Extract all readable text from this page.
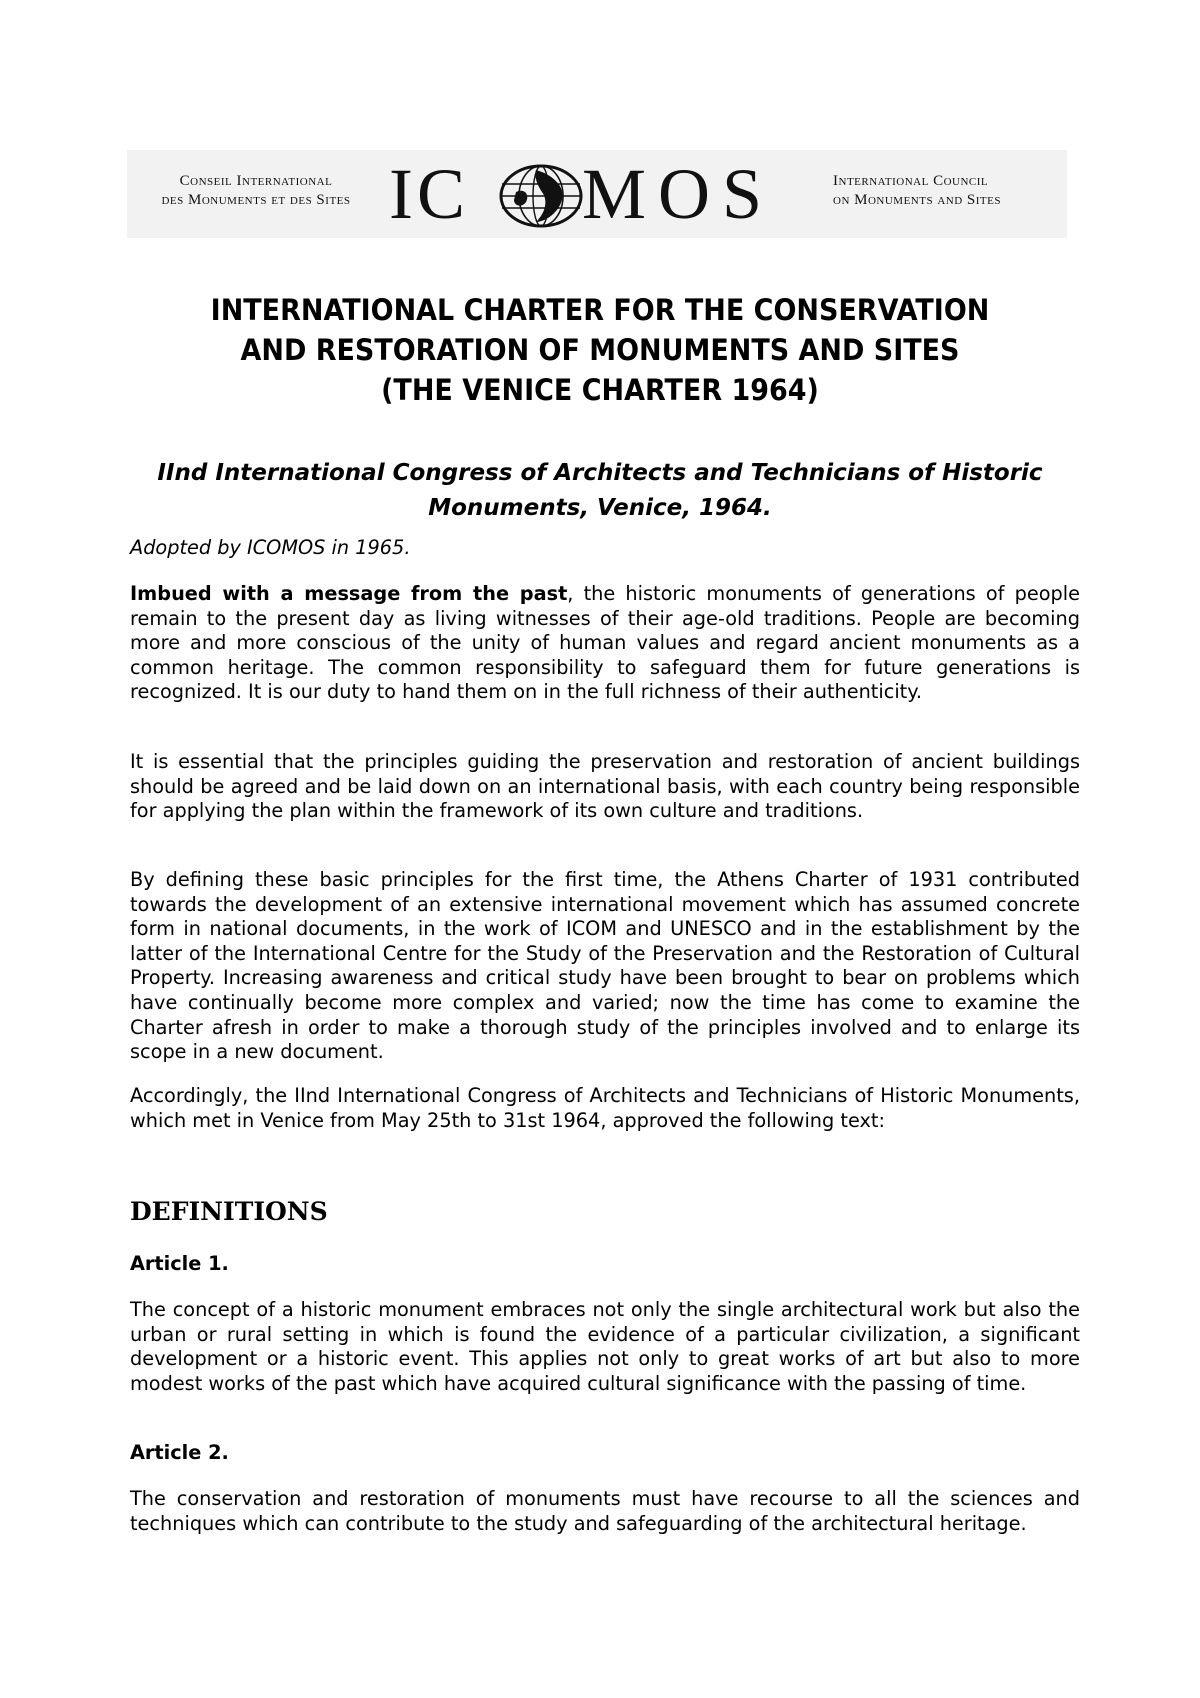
Conseil International
des Monuments et des Sites IC MOS	International Council
on Monuments and Sites
INTERNATIONAL CHARTER FOR THE CONSERVATION
AND RESTORATION OF MONUMENTS AND SITES
(THE VENICE CHARTER 1964)
IInd International Congress of Architects and Technicians of Historic
Monuments, Venice, 1964.
Adopted by ICOMOS in 1965.
Imbued with a message from the past, the historic monuments of generations of people remain to the present day as living witnesses of their age-old traditions. People are becoming more and more conscious of the unity of human values and regard ancient monuments as a common heritage. The common responsibility to safeguard them for future generations is recognized. It is our duty to hand them on in the full richness of their authenticity.
It is essential that the principles guiding the preservation and restoration of ancient buildings should be agreed and be laid down on an international basis, with each country being responsible for applying the plan within the framework of its own culture and traditions.
By defining these basic principles for the first time, the Athens Charter of 1931 contributed towards the development of an extensive international movement which has assumed concrete form in national documents, in the work of ICOM and UNESCO and in the establishment by the latter of the International Centre for the Study of the Preservation and the Restoration of Cultural Property. Increasing awareness and critical study have been brought to bear on problems which have continually become more complex and varied; now the time has come to examine the Charter afresh in order to make a thorough study of the principles involved and to enlarge its scope in a new document.
Accordingly, the IInd International Congress of Architects and Technicians of Historic Monuments, which met in Venice from May 25th to 31st 1964, approved the following text:
DEFINITIONS
Article 1.
The concept of a historic monument embraces not only the single architectural work but also the urban or rural setting in which is found the evidence of a particular civilization, a significant development or a historic event. This applies not only to great works of art but also to more modest works of the past which have acquired cultural significance with the passing of time.
Article 2.
The conservation and restoration of monuments must have recourse to all the sciences and techniques which can contribute to the study and safeguarding of the architectural heritage.
